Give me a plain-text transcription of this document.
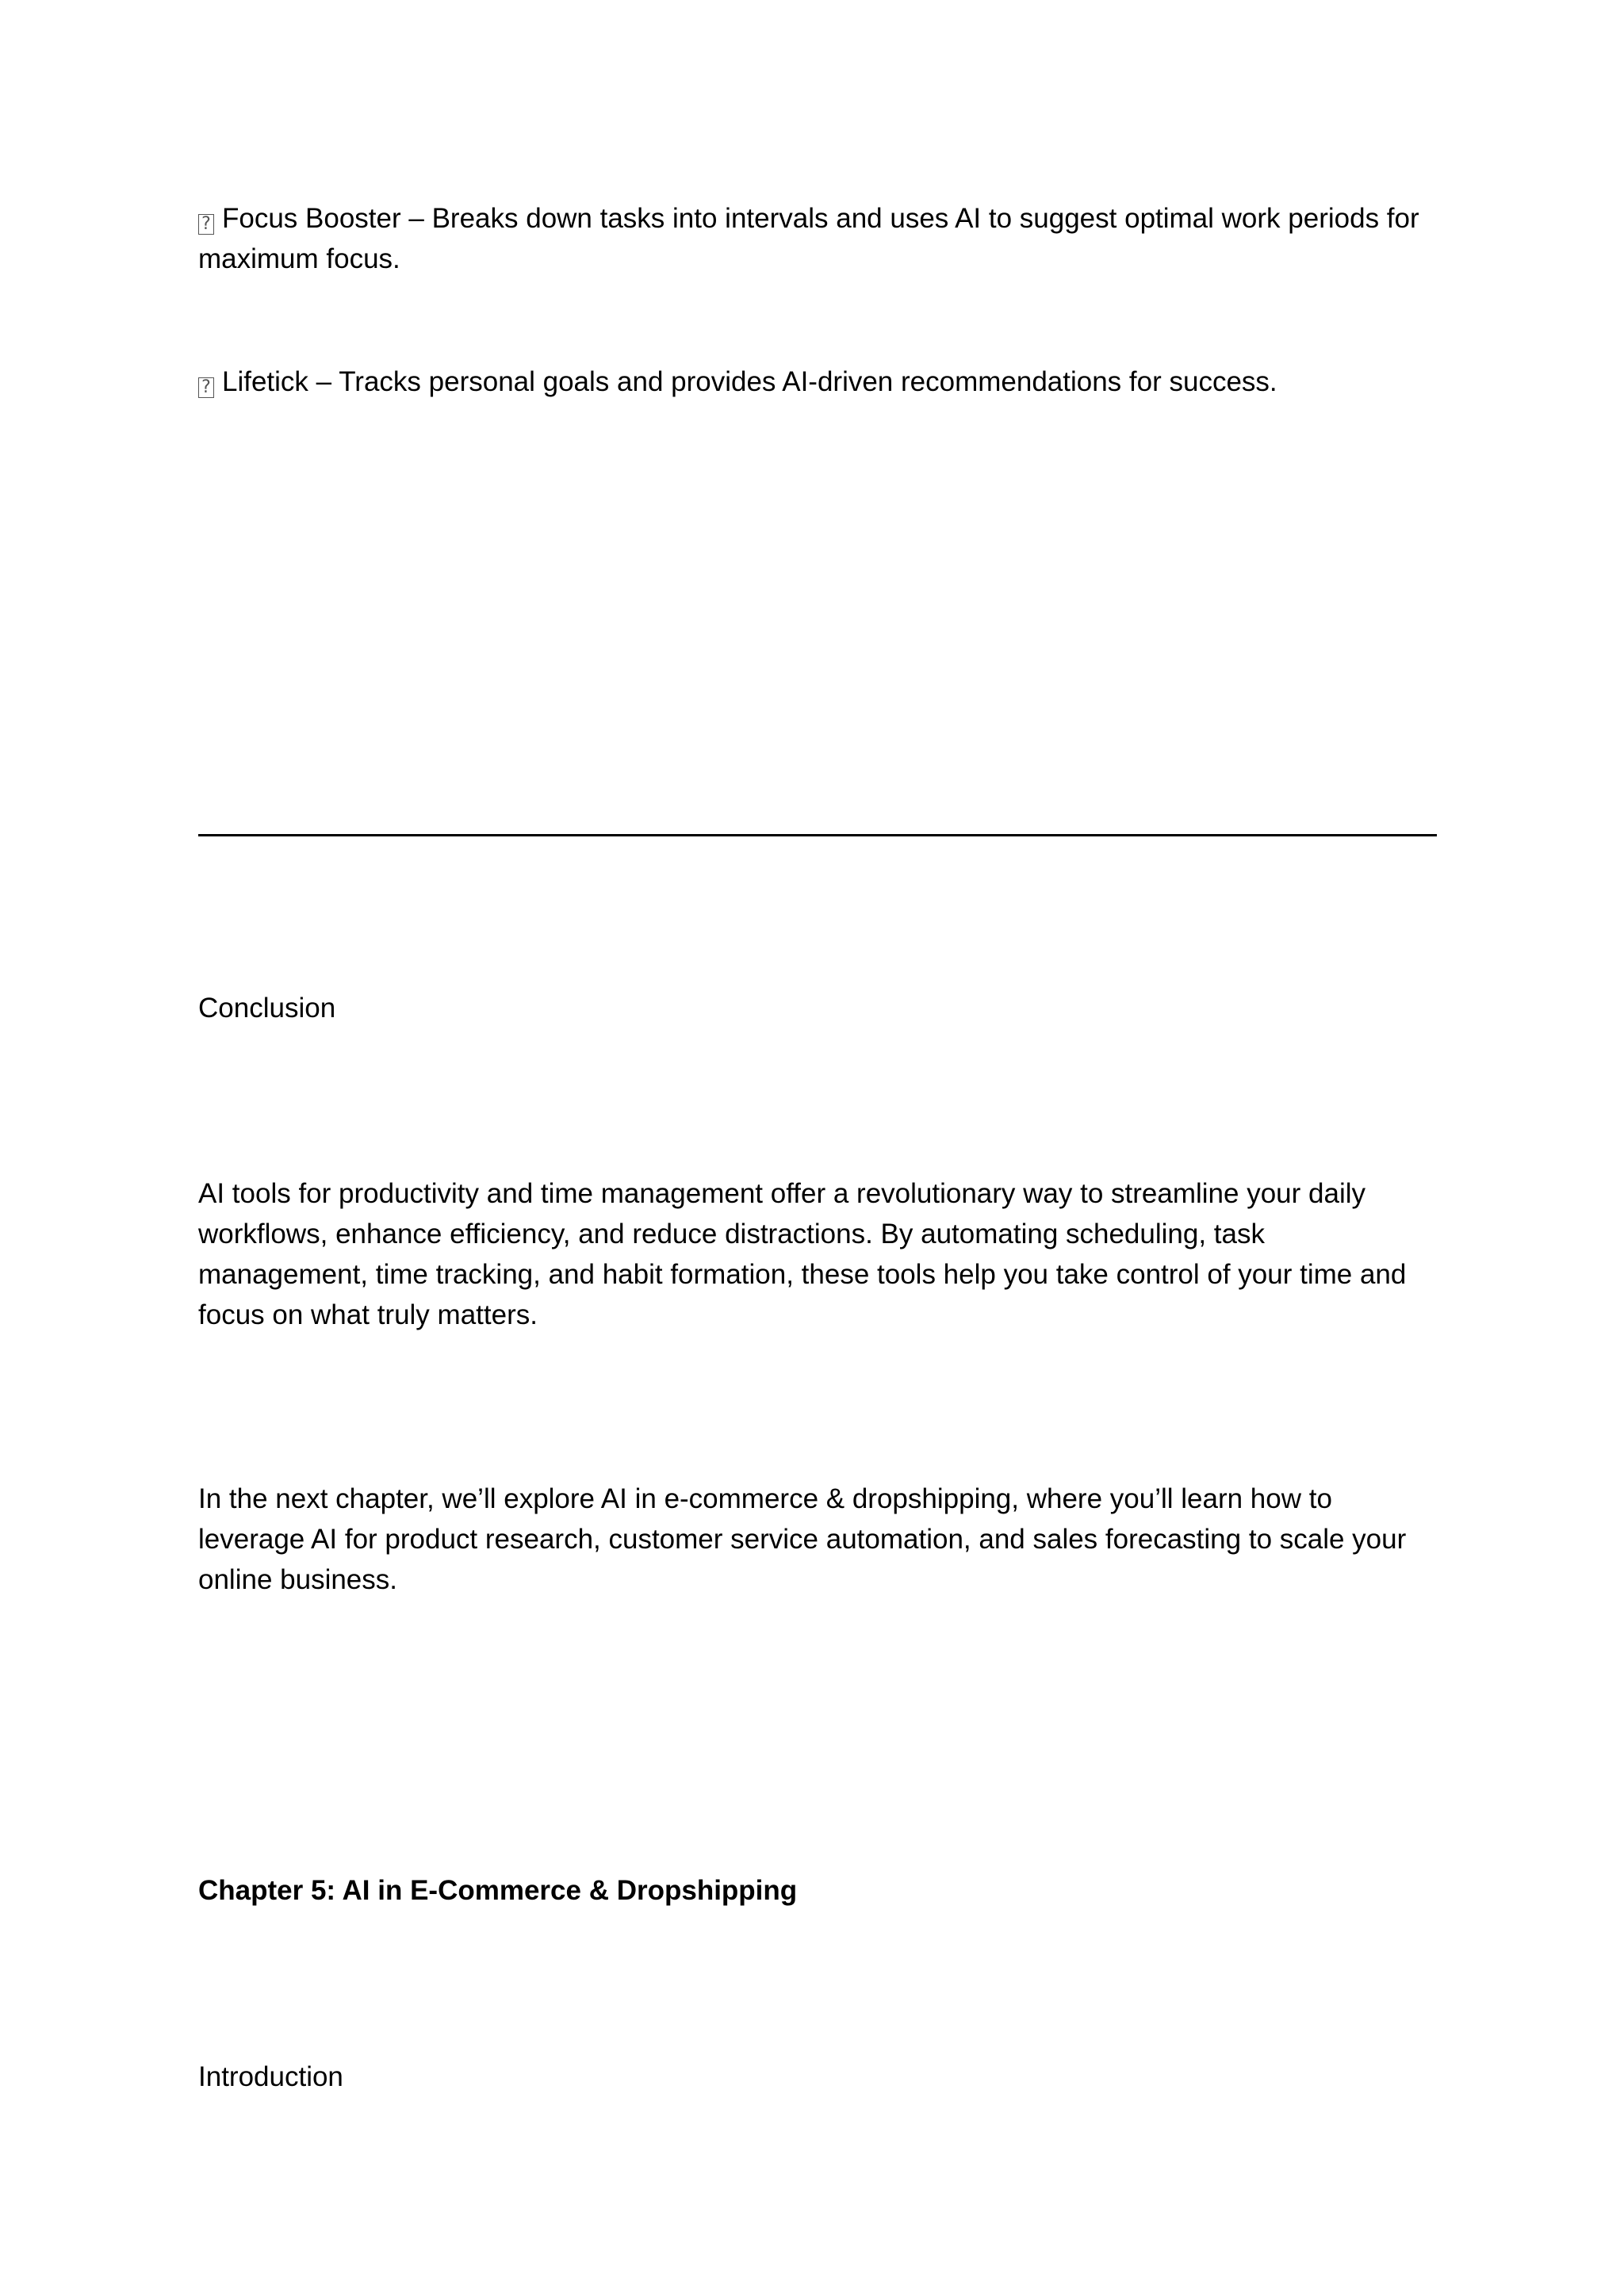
? Focus Booster – Breaks down tasks into intervals and uses AI to suggest optimal work periods for maximum focus.

? Lifetick – Tracks personal goals and provides AI-driven recommendations for success.

Conclusion

AI tools for productivity and time management offer a revolutionary way to streamline your daily workflows, enhance efficiency, and reduce distractions. By automating scheduling, task management, time tracking, and habit formation, these tools help you take control of your time and focus on what truly matters.

In the next chapter, we’ll explore AI in e-commerce & dropshipping, where you’ll learn how to leverage AI for product research, customer service automation, and sales forecasting to scale your online business.

Chapter 5: AI in E-Commerce & Dropshipping

Introduction
